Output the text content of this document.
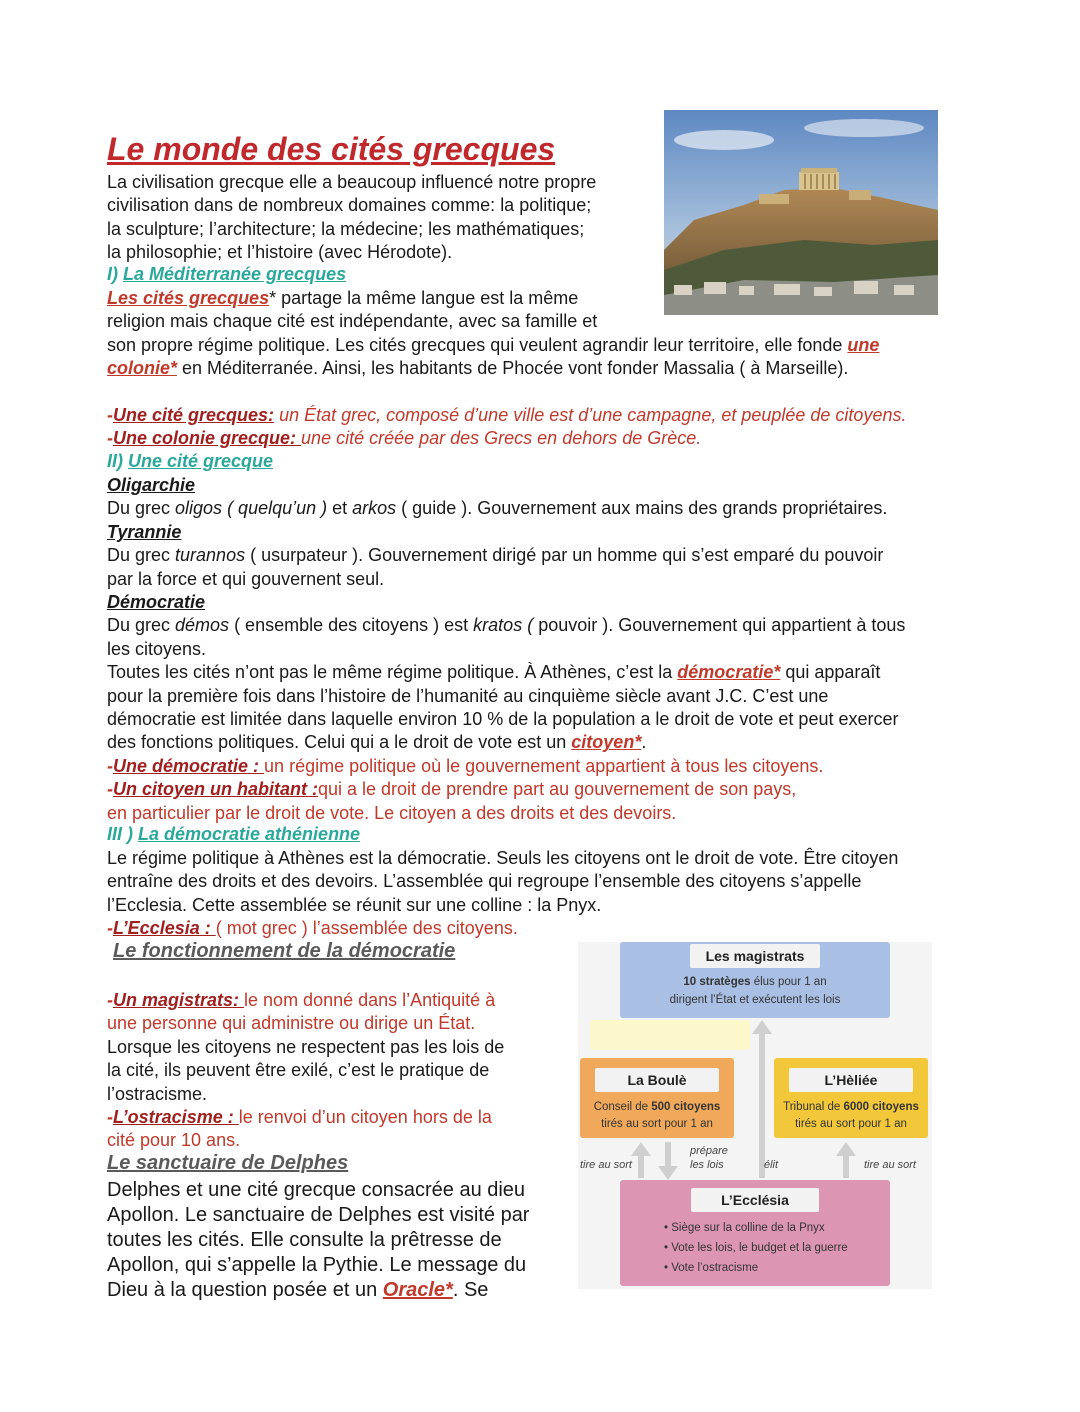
Le monde des cités grecques
La civilisation grecque elle a beaucoup influencé notre propre
civilisation dans de nombreux domaines comme: la politique;
la sculpture; l’architecture; la médecine; les mathématiques;
la philosophie; et l’histoire (avec Hérodote).
I) La Méditerranée grecques
Les cités grecques* partage la même langue est la même
religion mais chaque cité est indépendante, avec sa famille et
son propre régime politique. Les cités grecques qui veulent agrandir leur territoire, elle fonde une
colonie* en Méditerranée. Ainsi, les habitants de Phocée vont fonder Massalia ( à Marseille).
-Une cité grecques: un État grec, composé d’une ville est d’une campagne, et peuplée de citoyens.
-Une colonie grecque: une cité créée par des Grecs en dehors de Grèce.
II) Une cité grecque
Oligarchie
Du grec oligos ( quelqu’un ) et arkos ( guide ). Gouvernement aux mains des grands propriétaires.
Tyrannie
Du grec turannos ( usurpateur ). Gouvernement dirigé par un homme qui s’est emparé du pouvoir
par la force et qui gouvernent seul.
Démocratie
Du grec démos ( ensemble des citoyens ) est kratos ( pouvoir ). Gouvernement qui appartient à tous
les citoyens.
Toutes les cités n’ont pas le même régime politique. À Athènes, c’est la démocratie* qui apparaît
pour la première fois dans l’histoire de l’humanité au cinquième siècle avant J.C. C’est une
démocratie est limitée dans laquelle environ 10 % de la population a le droit de vote et peut exercer
des fonctions politiques. Celui qui a le droit de vote est un citoyen*.
-Une démocratie : un régime politique où le gouvernement appartient à tous les citoyens.
-Un citoyen un habitant :qui a le droit de prendre part au gouvernement de son pays,
en particulier par le droit de vote. Le citoyen a des droits et des devoirs.
III ) La démocratie athénienne
Le régime politique à Athènes est la démocratie. Seuls les citoyens ont le droit de vote. Être citoyen
entraîne des droits et des devoirs. L’assemblée qui regroupe l’ensemble des citoyens s’appelle
l’Ecclesia. Cette assemblée se réunit sur une colline : la Pnyx.
-L’Ecclesia : ( mot grec ) l’assemblée des citoyens.
Le fonctionnement de la démocratie
-Un magistrats: le nom donné dans l’Antiquité à
une personne qui administre ou dirige un État.
Lorsque les citoyens ne respectent pas les lois de
la cité, ils peuvent être exilé, c’est le pratique de
l’ostracisme.
-L’ostracisme : le renvoi d’un citoyen hors de la
cité pour 10 ans.
Le sanctuaire de Delphes
Delphes et une cité grecque consacrée au dieu
Apollon. Le sanctuaire de Delphes est visité par
toutes les cités. Elle consulte la prêtresse de
Apollon, qui s’appelle la Pythie. Le message du
Dieu à la question posée et un Oracle*. Se
Les magistrats
10 stratèges élus pour 1 an
dirigent l’État et exécutent les lois
La Boulè
Conseil de 500 citoyens
tirés au sort pour 1 an
L’Hèliée
Tribunal de 6000 citoyens
tirés au sort pour 1 an
tire au sort
prépare
les lois	élit	tire au sort
L’Ecclésia
• Siège sur la colline de la Pnyx
• Vote les lois, le budget et la guerre
• Vote l’ostracisme
